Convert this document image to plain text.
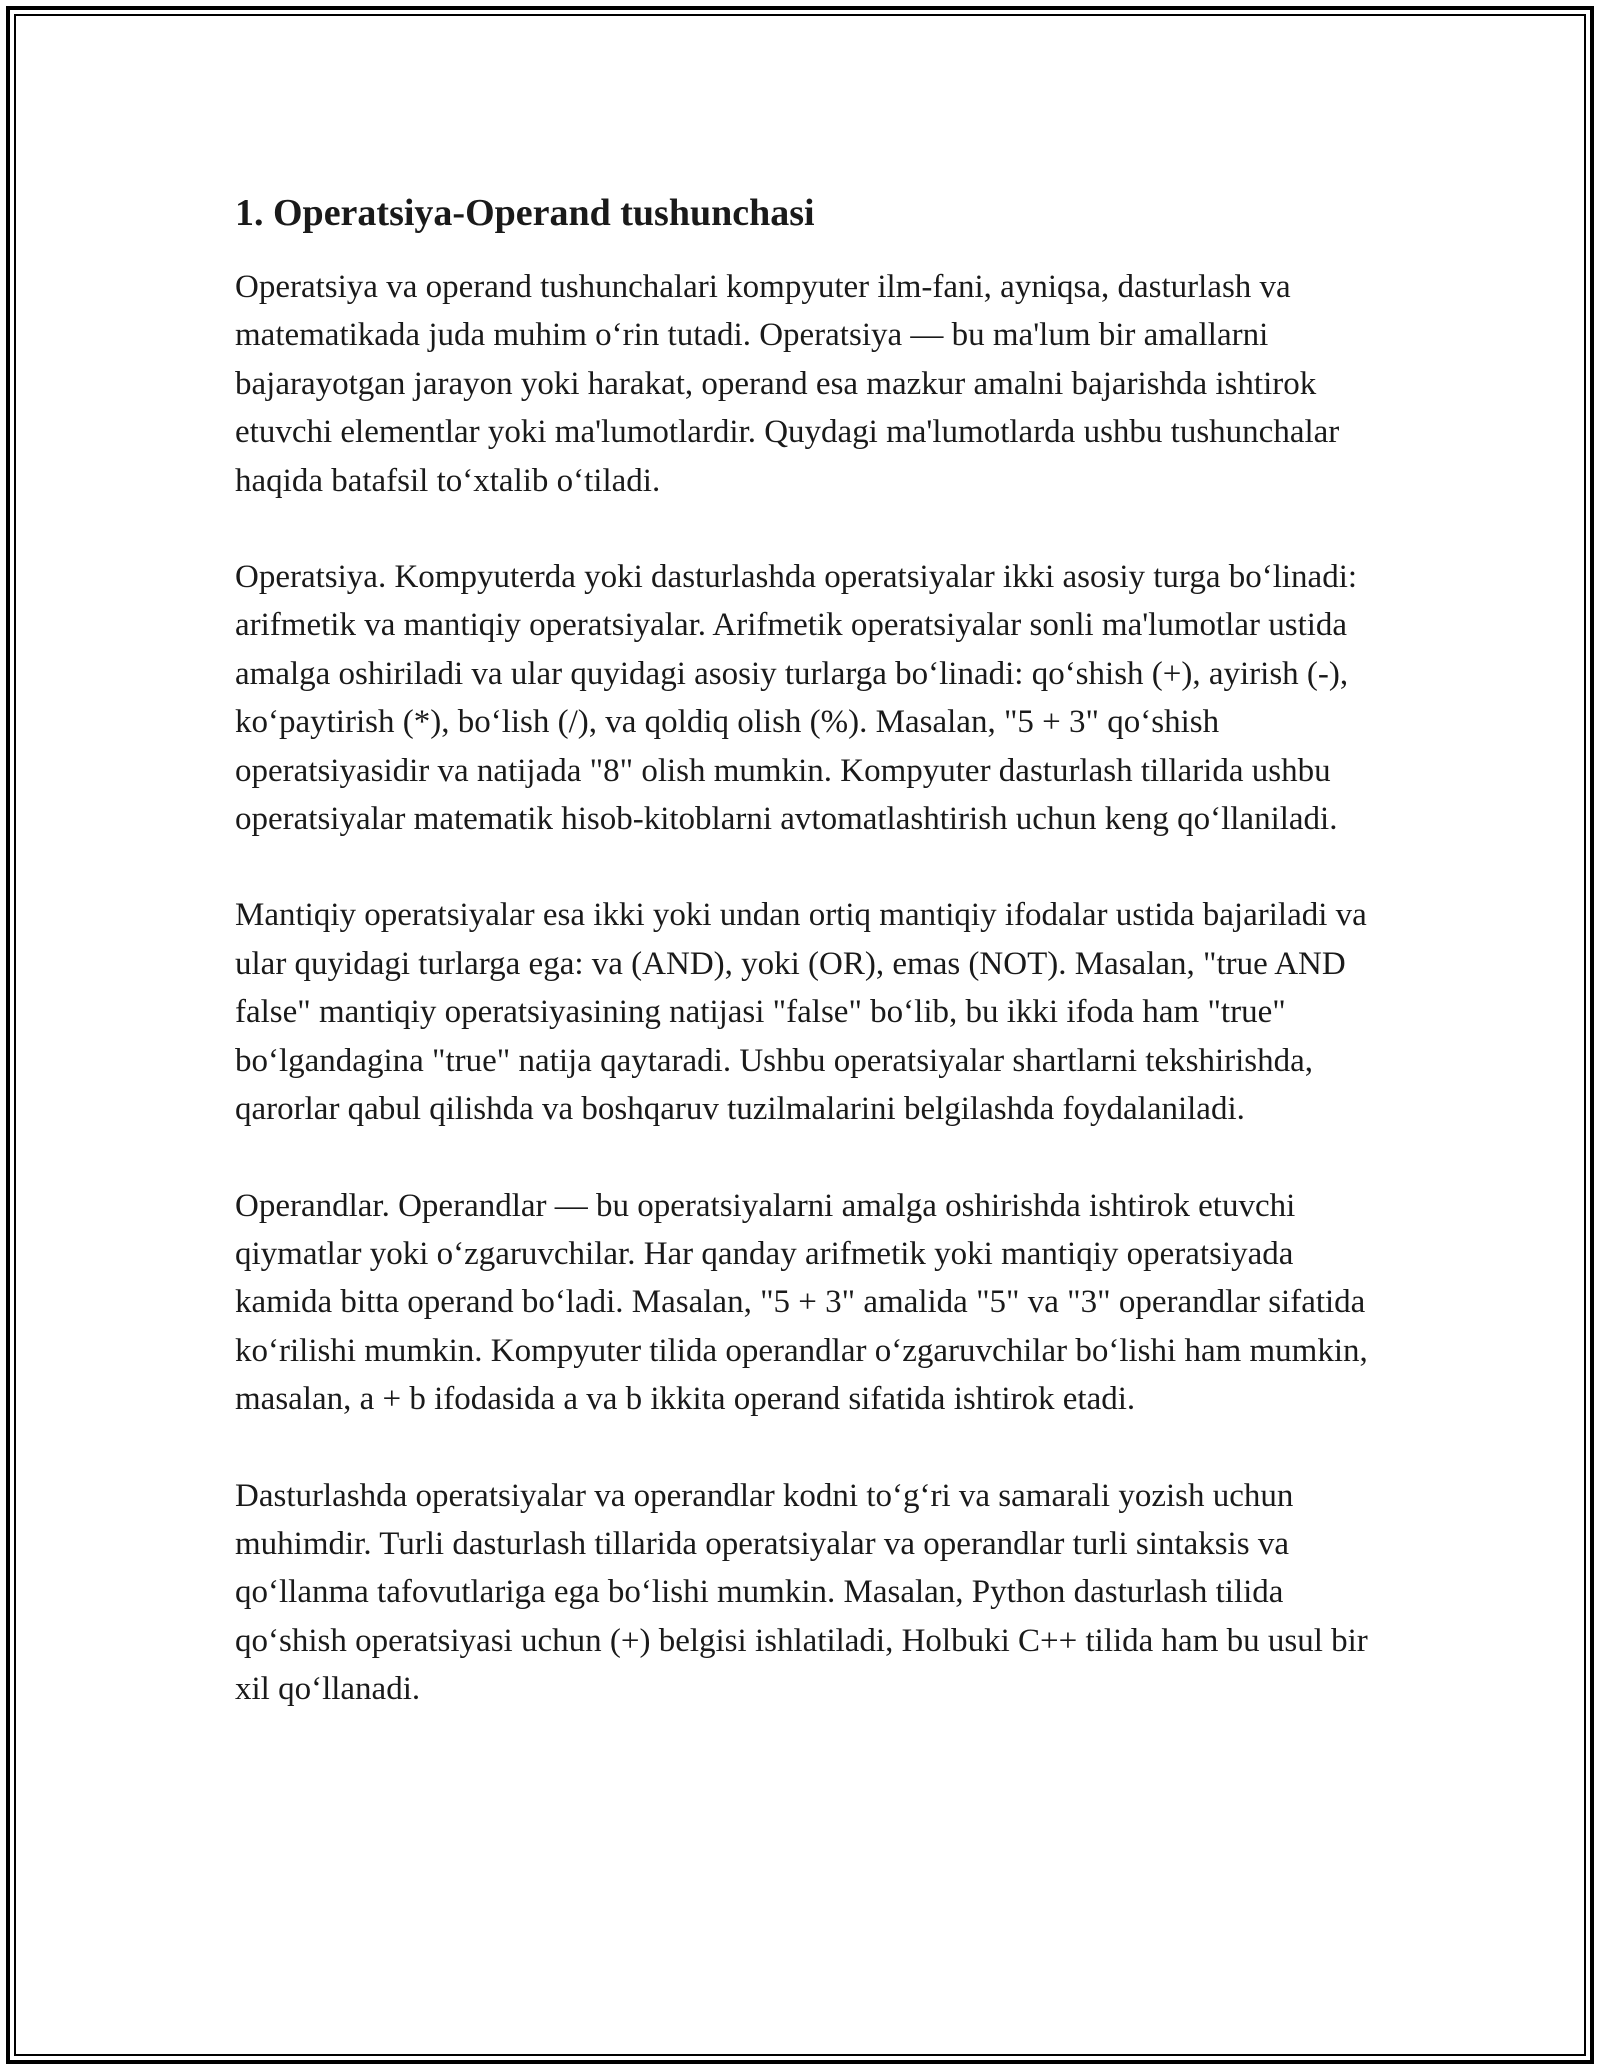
1. Operatsiya-Operand tushunchasi

Operatsiya va operand tushunchalari kompyuter ilm-fani, ayniqsa, dasturlash va matematikada juda muhim o‘rin tutadi. Operatsiya — bu ma'lum bir amallarni bajarayotgan jarayon yoki harakat, operand esa mazkur amalni bajarishda ishtirok etuvchi elementlar yoki ma'lumotlardir. Quydagi ma'lumotlarda ushbu tushunchalar haqida batafsil to‘xtalib o‘tiladi.

Operatsiya. Kompyuterda yoki dasturlashda operatsiyalar ikki asosiy turga bo‘linadi: arifmetik va mantiqiy operatsiyalar. Arifmetik operatsiyalar sonli ma'lumotlar ustida amalga oshiriladi va ular quyidagi asosiy turlarga bo‘linadi: qo‘shish (+), ayirish (-), ko‘paytirish (*), bo‘lish (/), va qoldiq olish (%). Masalan, "5 + 3" qo‘shish operatsiyasidir va natijada "8" olish mumkin. Kompyuter dasturlash tillarida ushbu operatsiyalar matematik hisob-kitoblarni avtomatlashtirish uchun keng qo‘llaniladi.

Mantiqiy operatsiyalar esa ikki yoki undan ortiq mantiqiy ifodalar ustida bajariladi va ular quyidagi turlarga ega: va (AND), yoki (OR), emas (NOT). Masalan, "true AND false" mantiqiy operatsiyasining natijasi "false" bo‘lib, bu ikki ifoda ham "true" bo‘lgandagina "true" natija qaytaradi. Ushbu operatsiyalar shartlarni tekshirishda, qarorlar qabul qilishda va boshqaruv tuzilmalarini belgilashda foydalaniladi.

Operandlar. Operandlar — bu operatsiyalarni amalga oshirishda ishtirok etuvchi qiymatlar yoki o‘zgaruvchilar. Har qanday arifmetik yoki mantiqiy operatsiyada kamida bitta operand bo‘ladi. Masalan, "5 + 3" amalida "5" va "3" operandlar sifatida ko‘rilishi mumkin. Kompyuter tilida operandlar o‘zgaruvchilar bo‘lishi ham mumkin, masalan, a + b ifodasida a va b ikkita operand sifatida ishtirok etadi.

Dasturlashda operatsiyalar va operandlar kodni to‘g‘ri va samarali yozish uchun muhimdir. Turli dasturlash tillarida operatsiyalar va operandlar turli sintaksis va qo‘llanma tafovutlariga ega bo‘lishi mumkin. Masalan, Python dasturlash tilida qo‘shish operatsiyasi uchun (+) belgisi ishlatiladi, Holbuki C++ tilida ham bu usul bir xil qo‘llanadi.
